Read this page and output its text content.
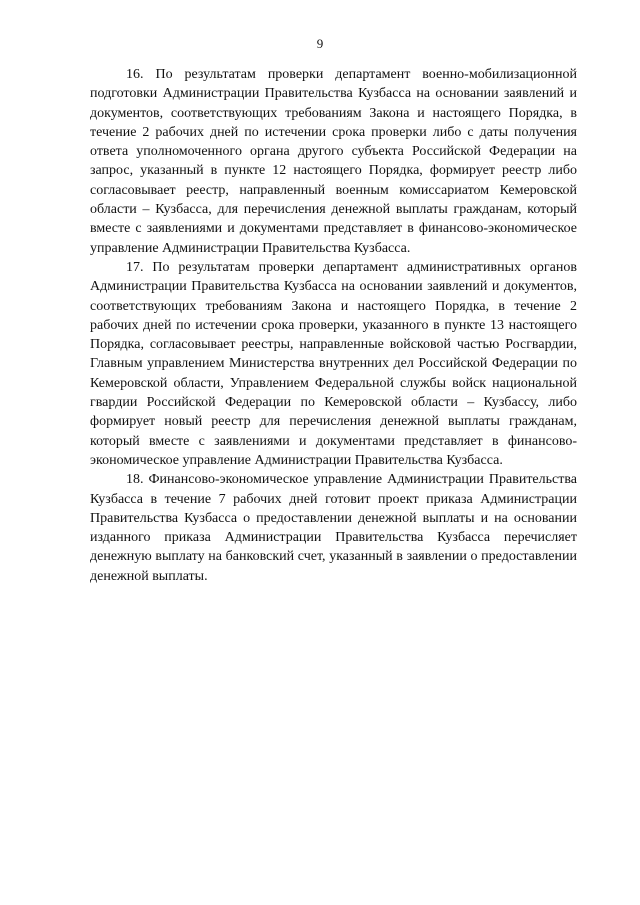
9

16. По результатам проверки департамент военно-мобилизационной подготовки Администрации Правительства Кузбасса на основании заявлений и документов, соответствующих требованиям Закона и настоящего Порядка, в течение 2 рабочих дней по истечении срока проверки либо с даты получения ответа уполномоченного органа другого субъекта Российской Федерации на запрос, указанный в пункте 12 настоящего Порядка, формирует реестр либо согласовывает реестр, направленный военным комиссариатом Кемеровской области – Кузбасса, для перечисления денежной выплаты гражданам, который вместе с заявлениями и документами представляет в финансово-экономическое управление Администрации Правительства Кузбасса.

17. По результатам проверки департамент административных органов Администрации Правительства Кузбасса на основании заявлений и документов, соответствующих требованиям Закона и настоящего Порядка, в течение 2 рабочих дней по истечении срока проверки, указанного в пункте 13 настоящего Порядка, согласовывает реестры, направленные войсковой частью Росгвардии, Главным управлением Министерства внутренних дел Российской Федерации по Кемеровской области, Управлением Федеральной службы войск национальной гвардии Российской Федерации по Кемеровской области – Кузбассу, либо формирует новый реестр для перечисления денежной выплаты гражданам, который вместе с заявлениями и документами представляет в финансово-экономическое управление Администрации Правительства Кузбасса.

18. Финансово-экономическое управление Администрации Правительства Кузбасса в течение 7 рабочих дней готовит проект приказа Администрации Правительства Кузбасса о предоставлении денежной выплаты и на основании изданного приказа Администрации Правительства Кузбасса перечисляет денежную выплату на банковский счет, указанный в заявлении о предоставлении денежной выплаты.
